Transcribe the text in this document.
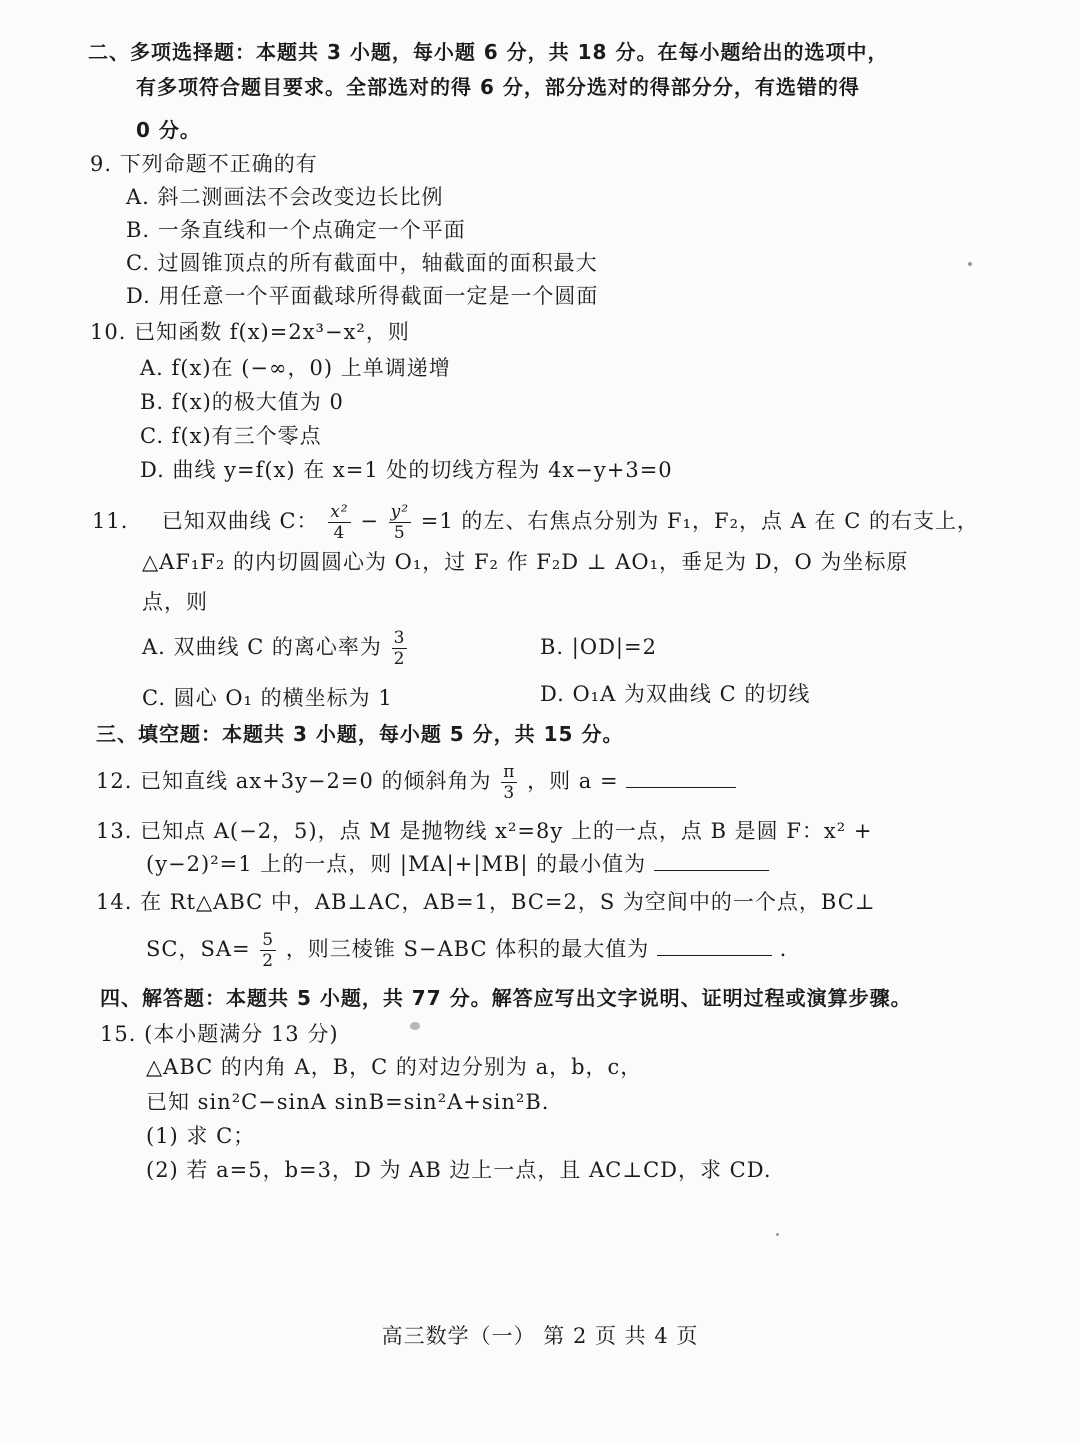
二、多项选择题：本题共 3 小题，每小题 6 分，共 18 分。在每小题给出的选项中，
有多项符合题目要求。全部选对的得 6 分，部分选对的得部分分，有选错的得
0 分。
9. 下列命题不正确的有
A. 斜二测画法不会改变边长比例
B. 一条直线和一个点确定一个平面
C. 过圆锥顶点的所有截面中，轴截面的面积最大
D. 用任意一个平面截球所得截面一定是一个圆面
10. 已知函数 f(x)=2x³−x²，则
A. f(x)在 (−∞，0) 上单调递增
B. f(x)的极大值为 0
C. f(x)有三个零点
D. 曲线 y=f(x) 在 x=1 处的切线方程为 4x−y+3=0
11. 已知双曲线 C： $\frac{\text{x²}}{4} - \frac{\text{y²}}{5} =1$ 的左、右焦点分别为 F₁，F₂，点 A 在 C 的右支上，
△AF₁F₂ 的内切圆圆心为 O₁，过 F₂ 作 F₂D ⊥ AO₁，垂足为 D，O 为坐标原
点，则
A. 双曲线 C 的离心率为 $\frac{3}{2}$	B. |OD|=2
C. 圆心 O₁ 的横坐标为 1	D. O₁A 为双曲线 C 的切线
三、填空题：本题共 3 小题，每小题 5 分，共 15 分。
12. 已知直线 ax+3y−2=0 的倾斜角为 $\frac{\pi}{3}$ ，则 a =
13. 已知点 A(−2，5)，点 M 是抛物线 x²=8y 上的一点，点 B 是圆 F：x² +
(y−2)²=1 上的一点，则 |MA|+|MB| 的最小值为
14. 在 Rt△ABC 中，AB⊥AC，AB=1，BC=2，S 为空间中的一个点，BC⊥
SC，$SA= \frac{5}{2}$ ，则三棱锥 S−ABC 体积的最大值为	.
四、解答题：本题共 5 小题，共 77 分。解答应写出文字说明、证明过程或演算步骤。
15. (本小题满分 13 分)
△ABC 的内角 A，B，C 的对边分别为 a，b，c，
已知 sin²C−sinA sinB=sin²A+sin²B.
(1) 求 C；
(2) 若 a=5，b=3，D 为 AB 边上一点，且 AC⊥CD，求 CD.
高三数学（一） 第 2 页 共 4 页
